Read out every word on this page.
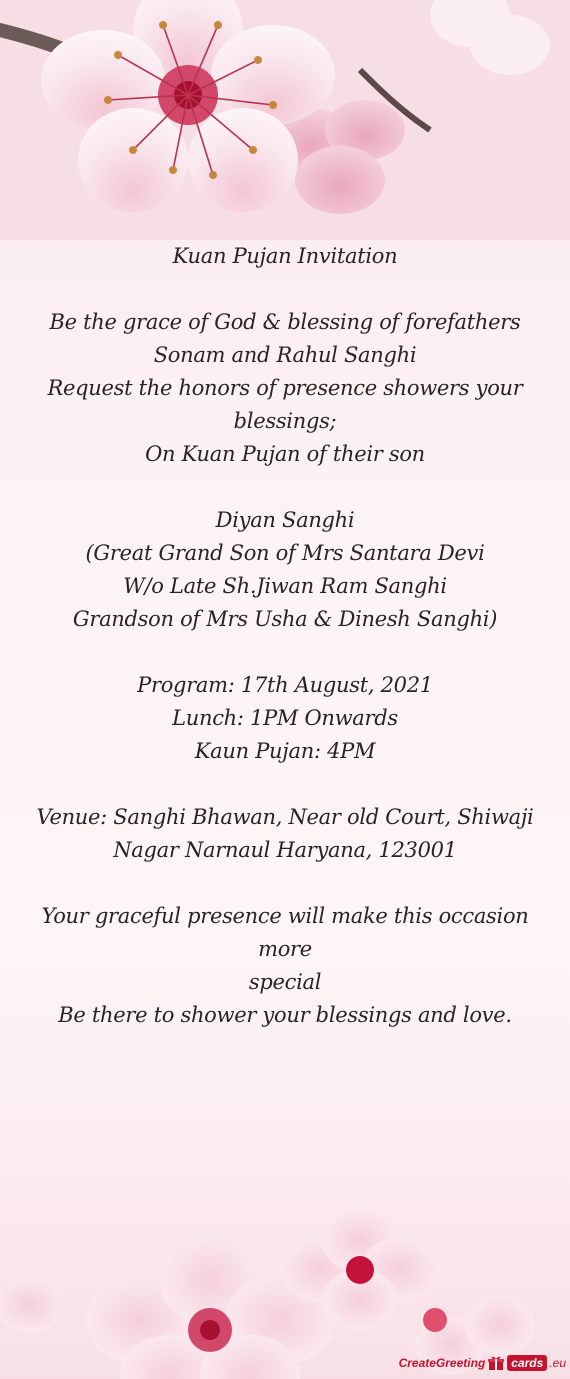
Kuan Pujan Invitation
Be the grace of God & blessing of forefathers
Sonam and Rahul Sanghi
Request the honors of presence showers your
blessings;
On Kuan Pujan of their son
Diyan Sanghi
(Great Grand Son of Mrs Santara Devi
W/o Late Sh.Jiwan Ram Sanghi
Grandson of Mrs Usha & Dinesh Sanghi)
Program: 17th August, 2021
Lunch: 1PM Onwards
Kaun Pujan: 4PM
Venue: Sanghi Bhawan, Near old Court, Shiwaji
Nagar Narnaul Haryana, 123001
Your graceful presence will make this occasion more
special
Be there to shower your blessings and love.
CreateGreeting	cards .eu
